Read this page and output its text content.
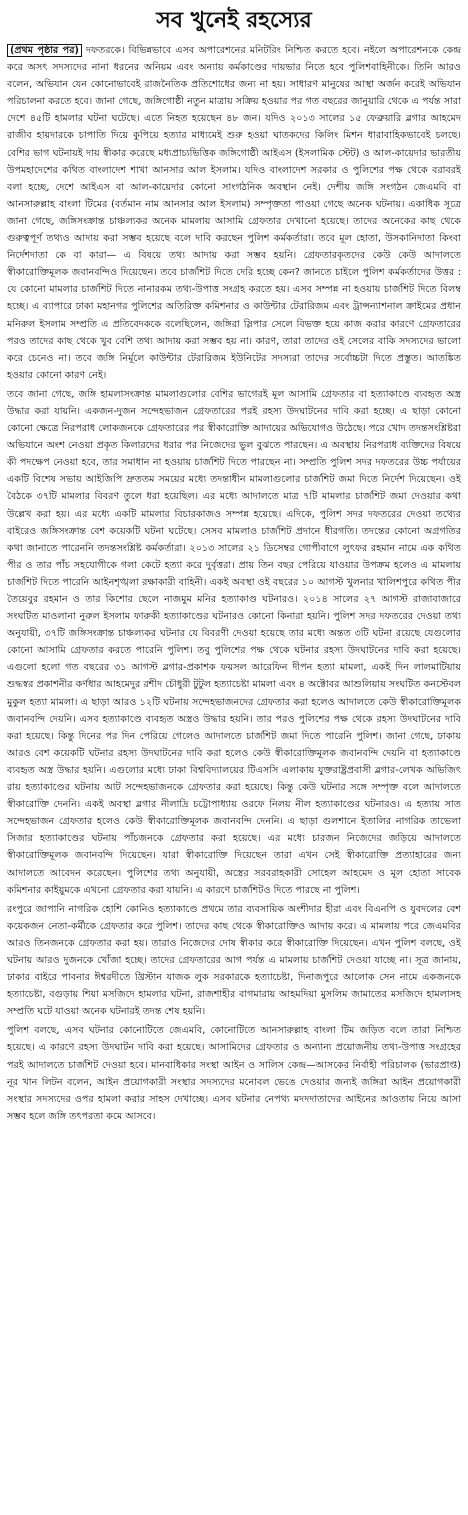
সব খুনেই রহস্যের

(প্রথম পৃষ্ঠার পর) দফতরকে। বিভিন্নভাবে এসব অপারেশনের মনিটরিং নিশ্চিত করতে হবে। নইলে অপারেশনকে কেন্দ্র করে অসৎ সদস্যদের নানা ধরনের অনিয়ম এবং অন্যায় কর্মকাণ্ডের দায়ভার নিতে হবে পুলিশবাহিনীকে। তিনি আরও বলেন, অভিযান যেন কোনোভাবেই রাজনৈতিক প্রতিশোধের জন্য না হয়। সাধারণ মানুষের আস্থা অর্জন করেই অভিযান পরিচালনা করতে হবে। জানা গেছে, জঙ্গিগোষ্ঠী নতুন মাত্রায় সক্রিয় হওয়ার পর গত বছরের জানুয়ারি থেকে এ পর্যন্ত সারা দেশে ৪৫টি হামলার ঘটনা ঘটেছে। এতে নিহত হয়েছেন ৪৮ জন। যদিও ২০১৩ সালের ১৫ ফেব্রুয়ারি ব্লগার আহমেদ রাজীব হায়দারকে চাপাতি দিয়ে কুপিয়ে হত্যার মাধ্যমেই শুরু হওয়া ঘাতকদের কিলিং মিশন ধারাবাহিকভাবেই চলছে। বেশির ভাগ ঘটনায়ই দায় স্বীকার করেছে মধ্যপ্রাচ্যভিত্তিক জঙ্গিগোষ্ঠী আইএস (ইসলামিক স্টেট) ও আল-কায়েদার ভারতীয় উপমহাদেশের কথিত বাংলাদেশ শাখা আনসার আল ইসলাম। যদিও বাংলাদেশ সরকার ও পুলিশের পক্ষ থেকে বরাবরই বলা হচ্ছে, দেশে আইএস বা আল-কায়েদার কোনো সাংগঠনিক অবস্থান নেই। দেশীয় জঙ্গি সংগঠন জেএমবি বা আনসারুল্লাহ বাংলা টিমের (বর্তমান নাম আনসার আল ইসলাম) সম্পৃক্ততা পাওয়া গেছে অনেক ঘটনায়। একাধিক সূত্রে জানা গেছে, জঙ্গিসংক্রান্ত চাঞ্চল্যকর অনেক মামলায় আসামি গ্রেফতার দেখানো হয়েছে। তাদের অনেকের কাছ থেকে গুরুত্বপূর্ণ তথ্যও আদায় করা সম্ভব হয়েছে বলে দাবি করছেন পুলিশ কর্মকর্তারা। তবে মূল হোতা, উসকানিদাতা কিংবা নির্দেশদাতা কে বা কারা— এ বিষয়ে তথ্য আদায় করা সম্ভব হয়নি। গ্রেফতারকৃতদের কেউ কেউ আদালতে স্বীকারোক্তিমূলক জবানবন্দিও দিয়েছেন। তবে চার্জশিট দিতে দেরি হচ্ছে কেন? জানতে চাইলে পুলিশ কর্মকর্তাদের উত্তর : যে কোনো মামলার চার্জশিট দিতে নানারকম তথ্য-উপাত্ত সংগ্রহ করতে হয়। এসব সম্পন্ন না হওয়ায় চার্জশিট দিতে বিলম্ব হচ্ছে। এ ব্যাপারে ঢাকা মহানগর পুলিশের অতিরিক্ত কমিশনার ও কাউন্টার টেরারিজম এবং ট্রান্সন্যাশনাল ক্রাইমের প্রধান মনিরুল ইসলাম সম্প্রতি এ প্রতিবেদককে বলেছিলেন, জঙ্গিরা স্লিপার সেলে বিভক্ত হয়ে কাজ করার কারণে গ্রেফতারের পরও তাদের কাছ থেকে খুব বেশি তথ্য আদায় করা সম্ভব হয় না। কারণ, তারা তাদের ওই সেলের বাকি সদস্যদের ভালো করে চেনেও না। তবে জঙ্গি নির্মূলে কাউন্টার টেরারিজম ইউনিটের সদস্যরা তাদের সর্বোচ্চটা দিতে প্রস্তুত। আতঙ্কিত হওয়ার কোনো কারণ নেই।

তবে জানা গেছে, জঙ্গি হামলাসংক্রান্ত মামলাগুলোর বেশির ভাগেরই মূল আসামি গ্রেফতার বা হত্যাকাণ্ডে ব্যবহৃত অস্ত্র উদ্ধার করা যায়নি। একজন-দুজন সন্দেহভাজন গ্রেফতারের পরই রহস্য উদঘাটনের দাবি করা হচ্ছে। এ ছাড়া কোনো কোনো ক্ষেত্রে নিরপরাধ লোকজনকে গ্রেফতারের পর স্বীকারোক্তি আদায়ের অভিযোগও উঠেছে। পরে খোদ তদন্তসংশ্লিষ্টরা অভিযানে অংশ নেওয়া প্রকৃত কিলারদের ধরার পর নিজেদের ভুল বুঝতে পারছেন। এ অবস্থায় নিরপরাধ ব্যক্তিদের বিষয়ে কী পদক্ষেপ নেওয়া হবে, তার সমাধান না হওয়ায় চার্জশিট দিতে পারছেন না। সম্প্রতি পুলিশ সদর দফতরের উচ্চ পর্যায়ের একটি বিশেষ সভায় আইজিপি দ্রুততম সময়ের মধ্যে তদন্তাধীন মামলাগুলোর চার্জশিট জমা দিতে নির্দেশ দিয়েছেন। ওই বৈঠকে ৩৭টি মামলার বিবরণ তুলে ধরা হয়েছিল। এর মধ্যে আদালতে মাত্র ৭টি মামলার চার্জশিট জমা দেওয়ার কথা উল্লেখ করা হয়। এর মধ্যে একটি মামলার বিচারকাজও সম্পন্ন হয়েছে। এদিকে, পুলিশ সদর দফতরের দেওয়া তথ্যের বাইরেও জঙ্গিসংক্রান্ত বেশ কয়েকটি ঘটনা ঘটেছে। সেসব মামলাও চার্জশিট প্রদানে ধীরগতি। তদন্তের কোনো অগ্রগতির কথা জানাতে পারেননি তদন্তসংশ্লিষ্ট কর্মকর্তারা। ২০১৩ সালের ২১ ডিসেম্বর গোপীবাগে লুৎফর রহমান নামে এক কথিত পীর ও তার পাঁচ সহযোগীকে গলা কেটে হত্যা করে দুর্বৃত্তরা। প্রায় তিন বছর পেরিয়ে যাওয়ার উপক্রম হলেও এ মামলায় চার্জশিট দিতে পারেনি আইনশৃঙ্খলা রক্ষাকারী বাহিনী। একই অবস্থা ওই বছরের ১০ আগস্ট খুলনার খালিশপুরে কথিত পীর তৈয়েবুর রহমান ও তার কিশোর ছেলে নাজমুম মনির হত্যাকাণ্ড ঘটনারও। ২০১৪ সালের ২৭ আগস্ট রাজাবাজারে সংঘটিত মাওলানা নুরুল ইসলাম ফারুকী হত্যাকাণ্ডের ঘটনারও কোনো কিনারা হয়নি। পুলিশ সদর দফতরের দেওয়া তথ্য অনুযায়ী, ৩৭টি জঙ্গিসংক্রান্ত চাঞ্চল্যকর ঘটনার যে বিবরণী দেওয়া হয়েছে তার মধ্যে অন্তত ৩টি ঘটনা রয়েছে যেগুলোর কোনো আসামি গ্রেফতার করতে পারেনি পুলিশ। তবু পুলিশের পক্ষ থেকে ঘটনার রহস্য উদঘাটনের দাবি করা হয়েছে। এগুলো হলো গত বছরের ৩১ আগস্ট ব্লগার-প্রকাশক ফয়সল আরেফিন দীপন হত্যা মামলা, একই দিন লালমাটিয়ায় শুদ্ধস্বর প্রকাশনীর কর্ণধার আহমেদুর রশীদ চৌধুরী টুটুল হত্যাচেষ্টা মামলা এবং ৪ অক্টোবর আশুলিয়ায় সংঘটিত কনস্টেবল মুকুল হত্যা মামলা। এ ছাড়া আরও ১২টি ঘটনায় সন্দেহভাজনদের গ্রেফতার করা হলেও আদালতে কেউ স্বীকারোক্তিমূলক জবানবন্দি দেয়নি। এসব হত্যাকাণ্ডে ব্যবহৃত অস্ত্রও উদ্ধার হয়নি। তার পরও পুলিশের পক্ষ থেকে রহস্য উদঘাটনের দাবি করা হয়েছে। কিন্তু দিনের পর দিন পেরিয়ে গেলেও আদালতে চার্জশিট জমা দিতে পারেনি পুলিশ। জানা গেছে, ঢাকায় আরও বেশ কয়েকটি ঘটনার রহস্য উদঘাটনের দাবি করা হলেও কেউ স্বীকারোক্তিমূলক জবানবন্দি দেয়নি বা হত্যাকাণ্ডে ব্যবহৃত অস্ত্র উদ্ধার হয়নি। এগুলোর মধ্যে ঢাকা বিশ্ববিদ্যালয়ের টিএসসি এলাকায় যুক্তরাষ্ট্রপ্রবাসী ব্লগার-লেখক অভিজিৎ রায় হত্যাকাণ্ডের ঘটনায় আট সন্দেহভাজনকে গ্রেফতার করা হয়েছে। কিন্তু কেউ ঘটনার সঙ্গে সম্পৃক্ত বলে আদালতে স্বীকারোক্তি দেননি। একই অবস্থা ব্লগার নীলাদ্রি চট্টোপাধ্যায় ওরফে নিলয় নীল হত্যাকাণ্ডের ঘটনারও। এ হত্যায় সাত সন্দেহভাজন গ্রেফতার হলেও কেউ স্বীকারোক্তিমূলক জবানবন্দি দেননি। এ ছাড়া গুলশানে ইতালির নাগরিক তাভেলা সিজার হত্যাকাণ্ডের ঘটনায় পাঁচজনকে গ্রেফতার করা হয়েছে। এর মধ্যে চারজন নিজেদের জড়িয়ে আদালতে স্বীকারোক্তিমূলক জবানবন্দি দিয়েছেন। যারা স্বীকারোক্তি দিয়েছেন তারা এখন সেই স্বীকারোক্তি প্রত্যাহারের জন্য আদালতে আবেদন করেছেন। পুলিশের তথ্য অনুযায়ী, অস্ত্রের সরবরাহকারী সোহেল আহমেদ ও মূল হোতা সাবেক কমিশনার কাইয়ুমকে এখনো গ্রেফতার করা যায়নি। এ কারণে চার্জশিটও দিতে পারছে না পুলিশ।

রংপুরে জাপানি নাগরিক হোশি কোনিও হত্যাকাণ্ডে প্রথমে তার ব্যবসায়িক অংশীদার হীরা এবং বিএনপি ও যুবদলের বেশ কয়েকজন নেতা-কর্মীকে গ্রেফতার করে পুলিশ। তাদের কাছ থেকে স্বীকারোক্তিও আদায় করে। এ মামলায় পরে জেএমবির আরও তিনজনকে গ্রেফতার করা হয়। তারাও নিজেদের দোষ স্বীকার করে স্বীকারোক্তি দিয়েছেন। এখন পুলিশ বলছে, ওই ঘটনায় আরও দুজনকে খোঁজা হচ্ছে। তাদের গ্রেফতারের আগ পর্যন্ত এ মামলায় চার্জশিট দেওয়া যাচ্ছে না। সূত্র জানায়, ঢাকার বাইরে পাবনার ঈশ্বরদীতে খ্রিস্টান যাজক লুক সরকারকে হত্যাচেষ্টা, দিনাজপুরে আলোক সেন নামে একজনকে হত্যাচেষ্টা, বগুড়ায় শিয়া মসজিদে হামলার ঘটনা, রাজশাহীর বাগমারায় আহমদিয়া মুসলিম জামাতের মসজিদে হামলাসহ সম্প্রতি ঘটে যাওয়া অনেক ঘটনারই তদন্ত শেষ হয়নি।

পুলিশ বলছে, এসব ঘটনার কোনোটিতে জেএমবি, কোনোটিতে আনসারুল্লাহ বাংলা টিম জড়িত বলে তারা নিশ্চিত হয়েছে। এ কারণে রহস্য উদঘাটন দাবি করা হয়েছে। আসামিদের গ্রেফতার ও অন্যান্য প্রয়োজনীয় তথ্য-উপাত্ত সংগ্রহের পরই আদালতে চার্জশিট দেওয়া হবে। মানবাধিকার সংস্থা আইন ও সালিস কেন্দ্র—আসকের নির্বাহী পরিচালক (ভারপ্রাপ্ত) নূর খান লিটন বলেন, আইন প্রয়োগকারী সংস্থার সদস্যদের মনোবল ভেঙে দেওয়ার জন্যই জঙ্গিরা আইন প্রয়োগকারী সংস্থার সদস্যদের ওপর হামলা করার সাহস দেখাচ্ছে। এসব ঘটনার নেপথ্য মদদদাতাদের আইনের আওতায় নিয়ে আসা সম্ভব হলে জঙ্গি তৎপরতা কমে আসবে।
